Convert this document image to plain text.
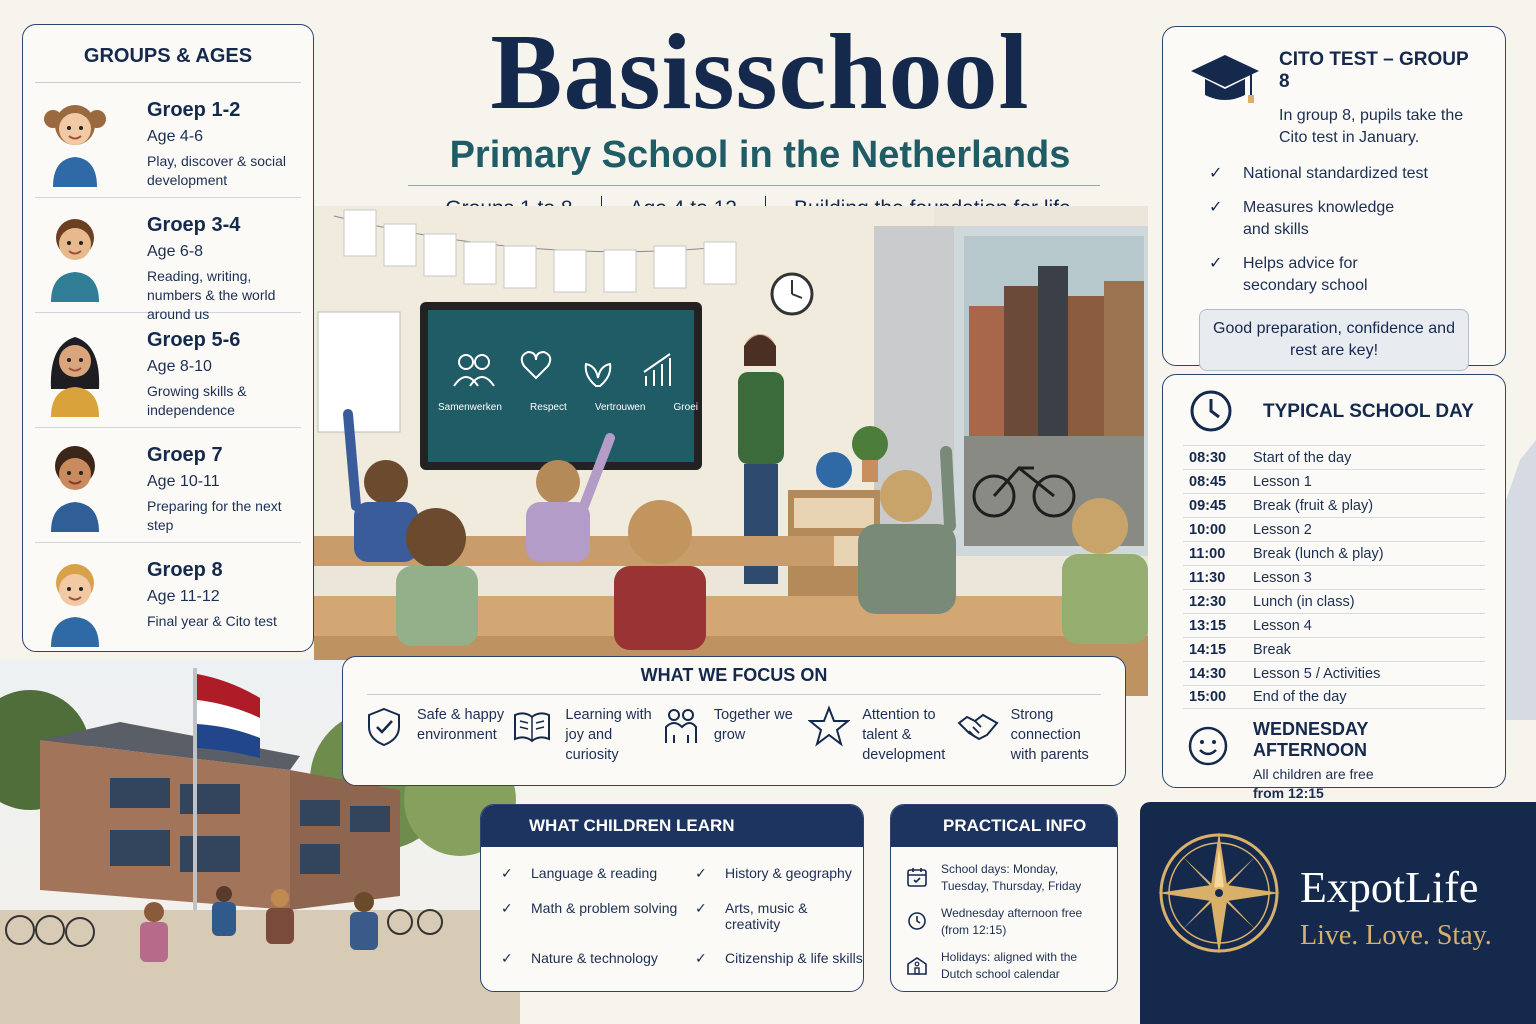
Basisschool
Primary School in the Netherlands
Samenwerken	Respect	Vertrouwen	Groei
GROUPS & AGES
Groep 1-2
Age 4-6
Play, discover & social development
Groep 3-4
Age 6-8
Reading, writing, numbers & the world around us
Groep 5-6
Age 8-10
Growing skills & independence
Groep 7
Age 10-11
Preparing for the next step
Groep 8
Age 11-12
Final year & Cito test
CITO TEST – GROUP 8

In group 8, pupils take the Cito test in January.

✓ National standardized test
✓ Measures knowledge and skills
✓ Helps advice for secondary school
Good preparation, confidence and rest are key!
TYPICAL SCHOOL DAY
08:30	Start of the day
08:45	Lesson 1
09:45	Break (fruit & play)
10:00	Lesson 2
11:00	Break (lunch & play)
11:30	Lesson 3
12:30	Lunch (in class)
13:15	Lesson 4
14:15	Break
14:30	Lesson 5 / Activities
15:00	End of the day
WEDNESDAY AFTERNOON

All children are free
from 12:15

WHAT WE FOCUS ON
Safe & happy environment
Learning with joy and curiosity
Together we grow
Attention to talent & development
Strong connection with parents
WHAT CHILDREN LEARN
✓	Language & reading	✓	History & geography
✓	Math & problem solving ✓	Arts, music & creativity
✓	Nature & technology	✓	Citizenship & life skills
PRACTICAL INFO
School days: Monday, Tuesday, Thursday, Friday
Wednesday afternoon free (from 12:15)
Holidays: aligned with the Dutch school calendar
ExpotLife
Live. Love. Stay.
